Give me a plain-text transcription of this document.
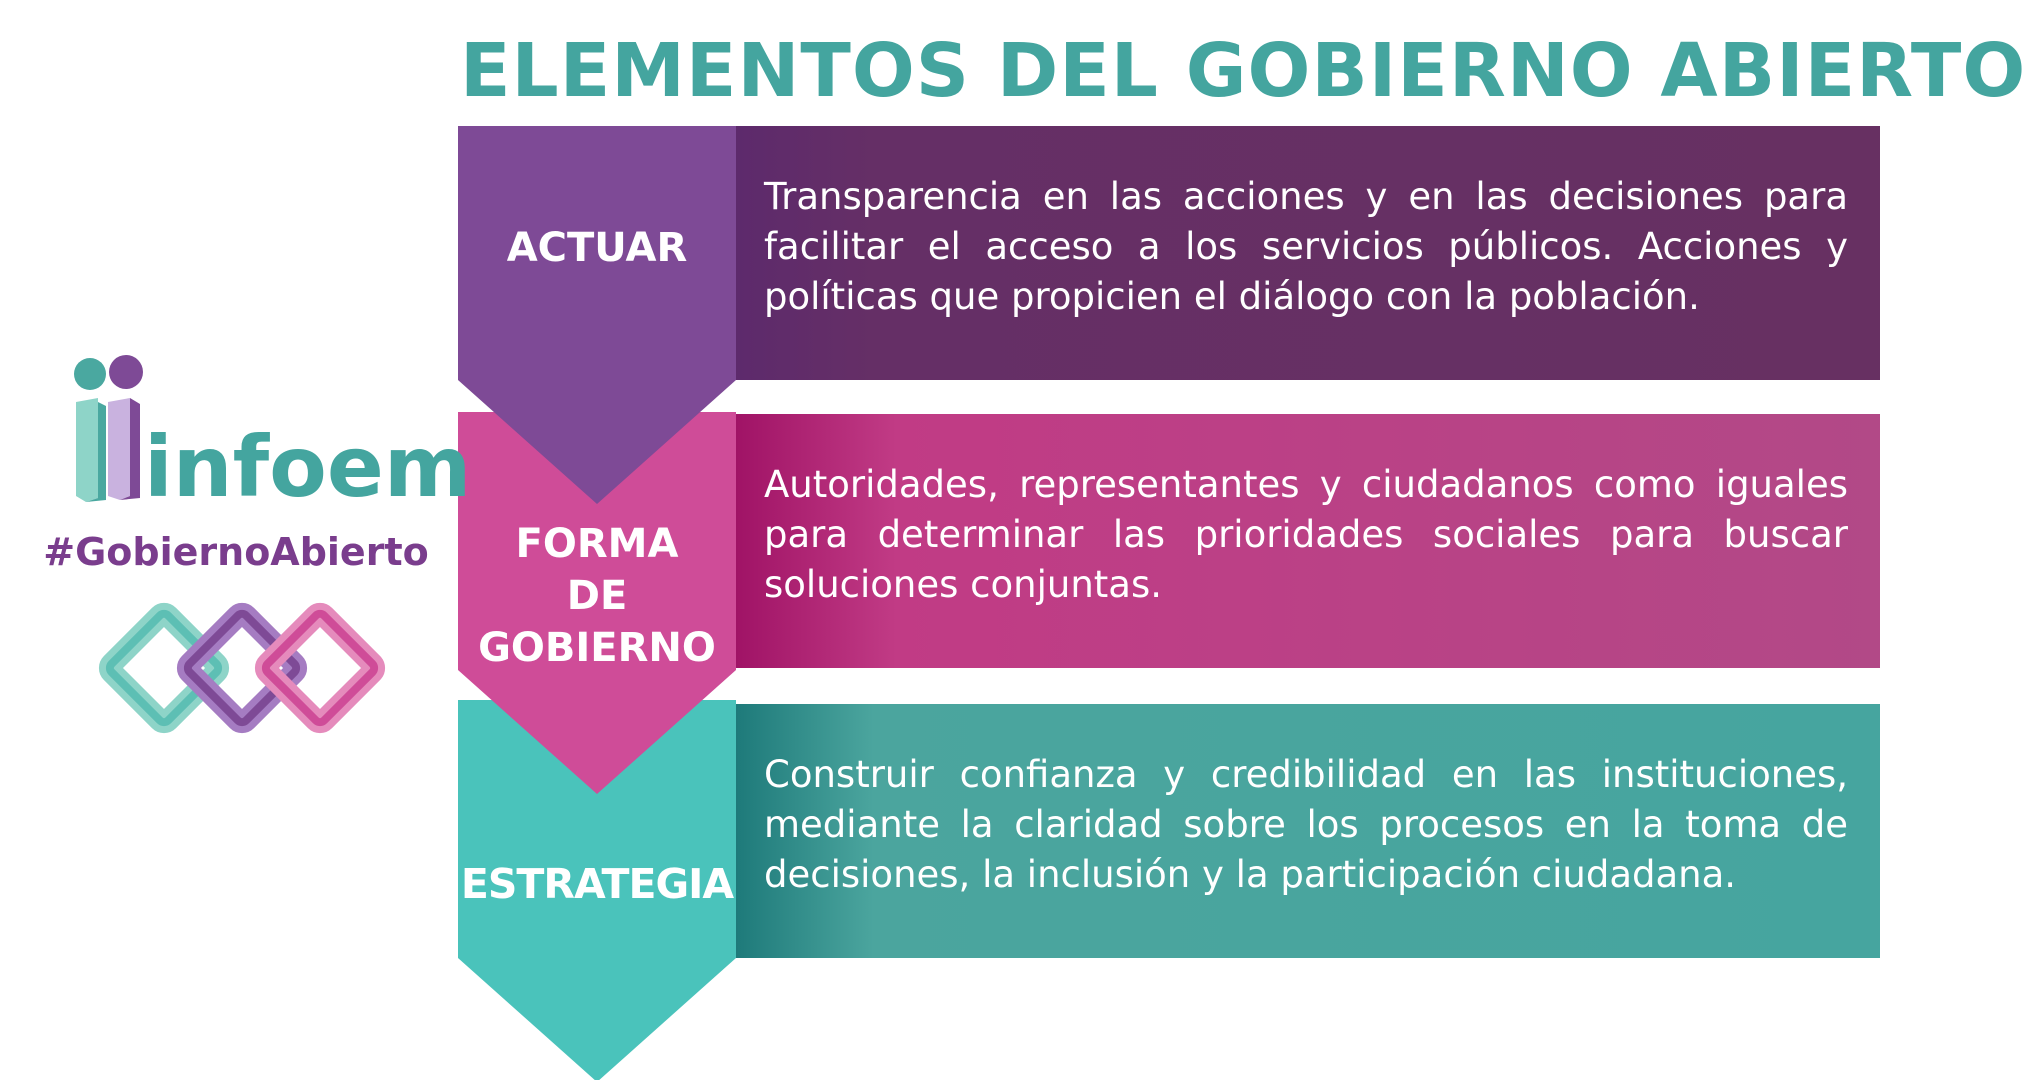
ELEMENTOS DEL GOBIERNO ABIERTO
Transparencia en las acciones y en las decisiones para facilitar el acceso a los servicios públicos. Acciones y políticas que propicien el diálogo con la población.
Autoridades, representantes y ciudadanos como iguales para determinar las prioridades sociales para buscar soluciones conjuntas.
Construir confianza y credibilidad en las instituciones, mediante la claridad sobre los procesos en la toma de decisiones, la inclusión y la participación ciudadana.
ACTUAR
FORMA
DE
GOBIERNO
ESTRATEGIA
infoem
#GobiernoAbierto
